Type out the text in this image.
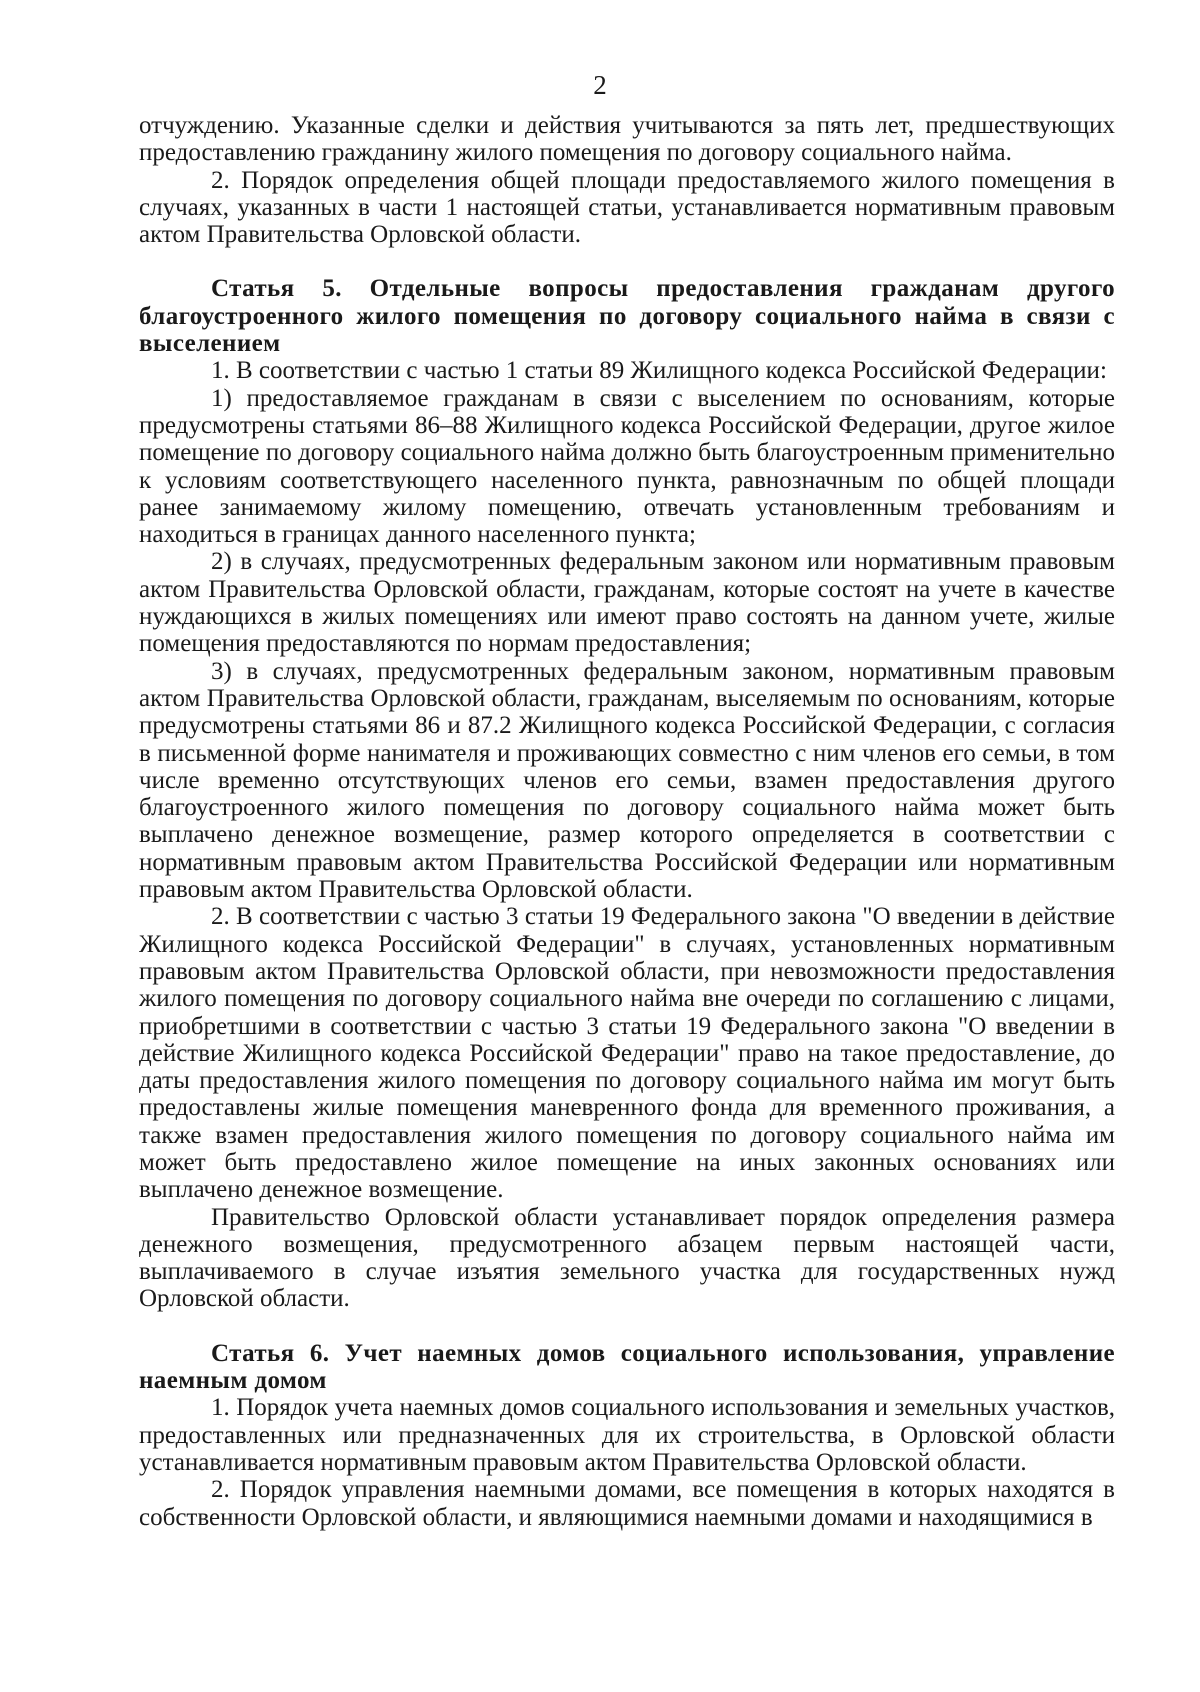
2

отчуждению. Указанные сделки и действия учитываются за пять лет, предшествующих предоставлению гражданину жилого помещения по договору социального найма.

2. Порядок определения общей площади предоставляемого жилого помещения в случаях, указанных в части 1 настоящей статьи, устанавливается нормативным правовым актом Правительства Орловской области.

Статья 5. Отдельные вопросы предоставления гражданам другого благоустроенного жилого помещения по договору социального найма в связи с выселением

1. В соответствии с частью 1 статьи 89 Жилищного кодекса Российской Федерации:

1) предоставляемое гражданам в связи с выселением по основаниям, которые предусмотрены статьями 86–88 Жилищного кодекса Российской Федерации, другое жилое помещение по договору социального найма должно быть благоустроенным применительно к условиям соответствующего населенного пункта, равнозначным по общей площади ранее занимаемому жилому помещению, отвечать установленным требованиям и находиться в границах данного населенного пункта;

2) в случаях, предусмотренных федеральным законом или нормативным правовым актом Правительства Орловской области, гражданам, которые состоят на учете в качестве нуждающихся в жилых помещениях или имеют право состоять на данном учете, жилые помещения предоставляются по нормам предоставления;

3) в случаях, предусмотренных федеральным законом, нормативным правовым актом Правительства Орловской области, гражданам, выселяемым по основаниям, которые предусмотрены статьями 86 и 87.2 Жилищного кодекса Российской Федерации, с согласия в письменной форме нанимателя и проживающих совместно с ним членов его семьи, в том числе временно отсутствующих членов его семьи, взамен предоставления другого благоустроенного жилого помещения по договору социального найма может быть выплачено денежное возмещение, размер которого определяется в соответствии с нормативным правовым актом Правительства Российской Федерации или нормативным правовым актом Правительства Орловской области.

2. В соответствии с частью 3 статьи 19 Федерального закона "О введении в действие Жилищного кодекса Российской Федерации" в случаях, установленных нормативным правовым актом Правительства Орловской области, при невозможности предоставления жилого помещения по договору социального найма вне очереди по соглашению с лицами, приобретшими в соответствии с частью 3 статьи 19 Федерального закона "О введении в действие Жилищного кодекса Российской Федерации" право на такое предоставление, до даты предоставления жилого помещения по договору социального найма им могут быть предоставлены жилые помещения маневренного фонда для временного проживания, а также взамен предоставления жилого помещения по договору социального найма им может быть предоставлено жилое помещение на иных законных основаниях или выплачено денежное возмещение.

Правительство Орловской области устанавливает порядок определения размера денежного возмещения, предусмотренного абзацем первым настоящей части, выплачиваемого в случае изъятия земельного участка для государственных нужд Орловской области.

Статья 6. Учет наемных домов социального использования, управление наемным домом

1. Порядок учета наемных домов социального использования и земельных участков, предоставленных или предназначенных для их строительства, в Орловской области устанавливается нормативным правовым актом Правительства Орловской области.

2. Порядок управления наемными домами, все помещения в которых находятся в собственности Орловской области, и являющимися наемными домами и находящимися в
